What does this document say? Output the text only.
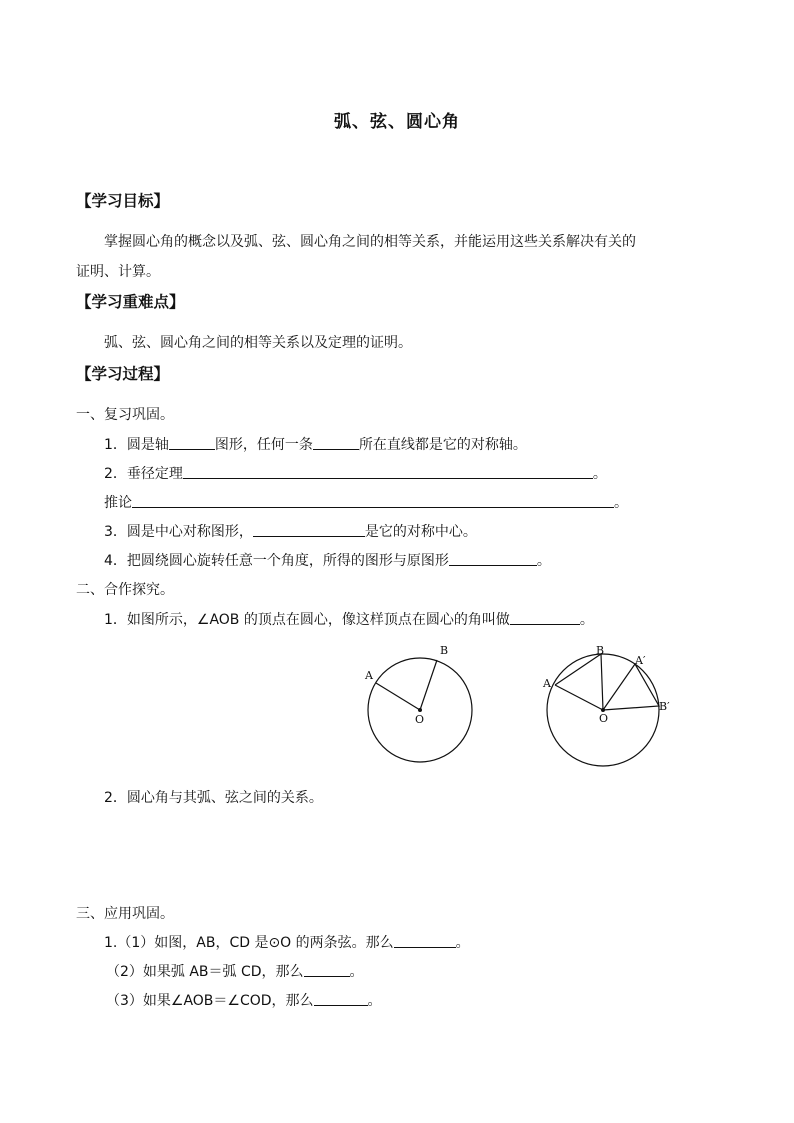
弧、弦、圆心角
【学习目标】
掌握圆心角的概念以及弧、弦、圆心角之间的相等关系，并能运用这些关系解决有关的
证明、计算。
【学习重难点】
弧、弦、圆心角之间的相等关系以及定理的证明。
【学习过程】
一、复习巩固。
1．圆是轴	图形，任何一条	所在直线都是它的对称轴。
2．垂径定理	。
推论	。
3．圆是中心对称图形，	是它的对称中心。
4．把圆绕圆心旋转任意一个角度，所得的图形与原图形	。
二、合作探究。
1．如图所示，∠AOB 的顶点在圆心，像这样顶点在圆心的角叫做	。
A
B
O
A
B
A′
B′
O
2．圆心角与其弧、弦之间的关系。
三、应用巩固。
1.（1）如图，AB，CD 是⊙O 的两条弦。那么	。
（2）如果弧 AB＝弧 CD，那么	。
（3）如果∠AOB＝∠COD，那么	。
